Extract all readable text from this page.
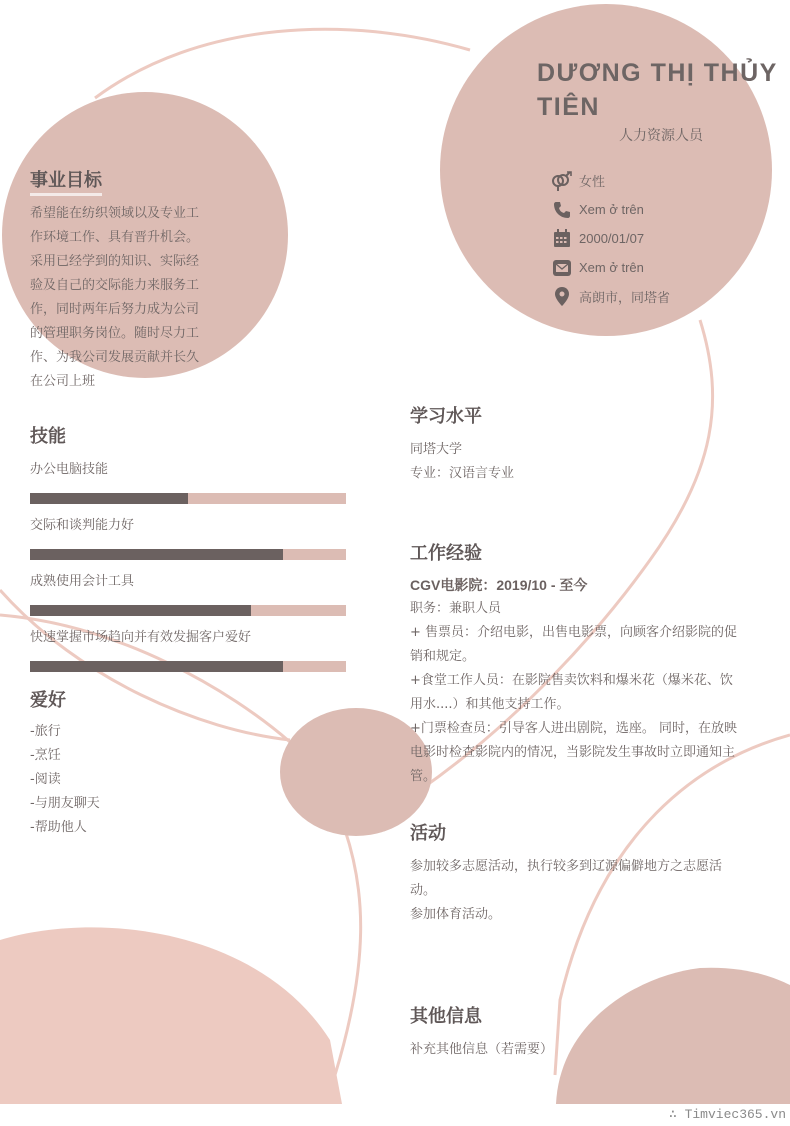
DƯƠNG THỊ THỦY TIÊN
人力资源人员
女性
Xem ở trên
2000/01/07
Xem ở trên
高朗市，同塔省
事业目标
希望能在纺织领域以及专业工
作环境工作、具有晋升机会。
采用已经学到的知识、实际经
验及自己的交际能力来服务工
作，同时两年后努力成为公司
的管理职务岗位。随时尽力工
作、为我公司发展贡献并长久
在公司上班
技能
办公电脑技能
交际和谈判能力好
成熟使用会计工具
快速掌握市场趋向并有效发掘客户爱好
爱好
-旅行
-烹饪
-阅读
-与朋友聊天
-帮助他人
学习水平
同塔大学
专业：汉语言专业
工作经验
CGV电影院：2019/10 - 至今
职务：兼职人员
+ 售票员：介绍电影，出售电影票，向顾客介绍影院的促
销和规定。
+食堂工作人员：在影院售卖饮料和爆米花（爆米花、饮
用水....）和其他支持工作。
+门票检查员：引导客人进出剧院，选座。 同时，在放映
电影时检查影院内的情况，当影院发生事故时立即通知主
管。
活动
参加较多志愿活动，执行较多到辽源偏僻地方之志愿活
动。
参加体育活动。
其他信息
补充其他信息（若需要）
∴ Timviec365.vn
